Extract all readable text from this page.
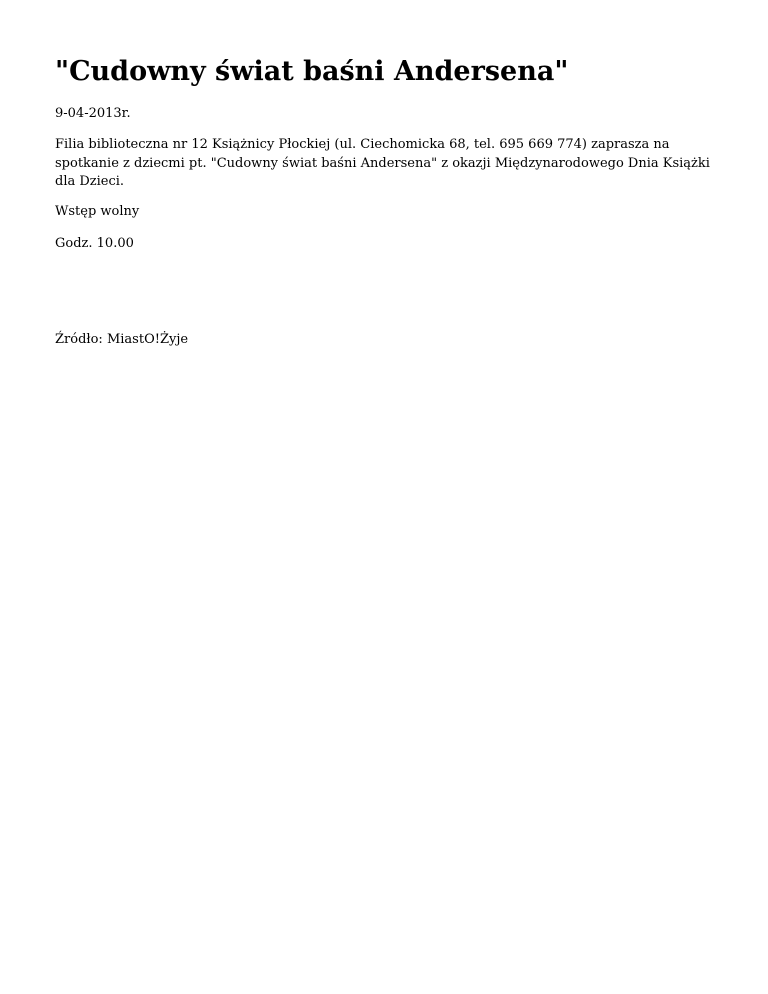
"Cudowny świat baśni Andersena"

9-04-2013r.

Filia biblioteczna nr 12 Książnicy Płockiej (ul. Ciechomicka 68, tel. 695 669 774) zaprasza na spotkanie z dziecmi pt. "Cudowny świat baśni Andersena" z okazji Międzynarodowego Dnia Książki dla Dzieci.

Wstęp wolny

Godz. 10.00

Źródło: MiastO!Żyje
